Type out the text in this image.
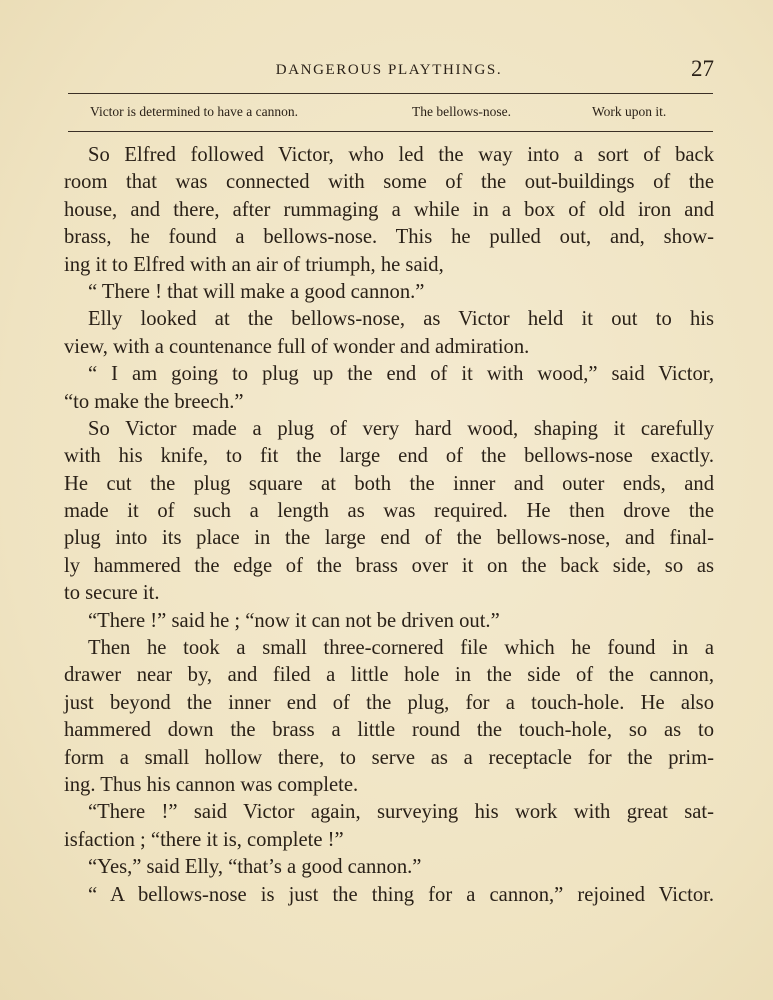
DANGEROUS PLAYTHINGS.	27
Victor is determined to have a cannon.	The bellows-nose.	Work upon it.
So Elfred followed Victor, who led the way into a sort of back
room that was connected with some of the out-buildings of the
house, and there, after rummaging a while in a box of old iron and
brass, he found a bellows-nose. This he pulled out, and, show-
ing it to Elfred with an air of triumph, he said,
“ There ! that will make a good cannon.”
Elly looked at the bellows-nose, as Victor held it out to his
view, with a countenance full of wonder and admiration.
“ I am going to plug up the end of it with wood,” said Victor,
“to make the breech.”
So Victor made a plug of very hard wood, shaping it carefully
with his knife, to fit the large end of the bellows-nose exactly.
He cut the plug square at both the inner and outer ends, and
made it of such a length as was required. He then drove the
plug into its place in the large end of the bellows-nose, and final-
ly hammered the edge of the brass over it on the back side, so as
to secure it.
“There !” said he ; “now it can not be driven out.”
Then he took a small three-cornered file which he found in a
drawer near by, and filed a little hole in the side of the cannon,
just beyond the inner end of the plug, for a touch-hole. He also
hammered down the brass a little round the touch-hole, so as to
form a small hollow there, to serve as a receptacle for the prim-
ing. Thus his cannon was complete.
“There !” said Victor again, surveying his work with great sat-
isfaction ; “there it is, complete !”
“Yes,” said Elly, “that’s a good cannon.”
“ A bellows-nose is just the thing for a cannon,” rejoined Victor.
